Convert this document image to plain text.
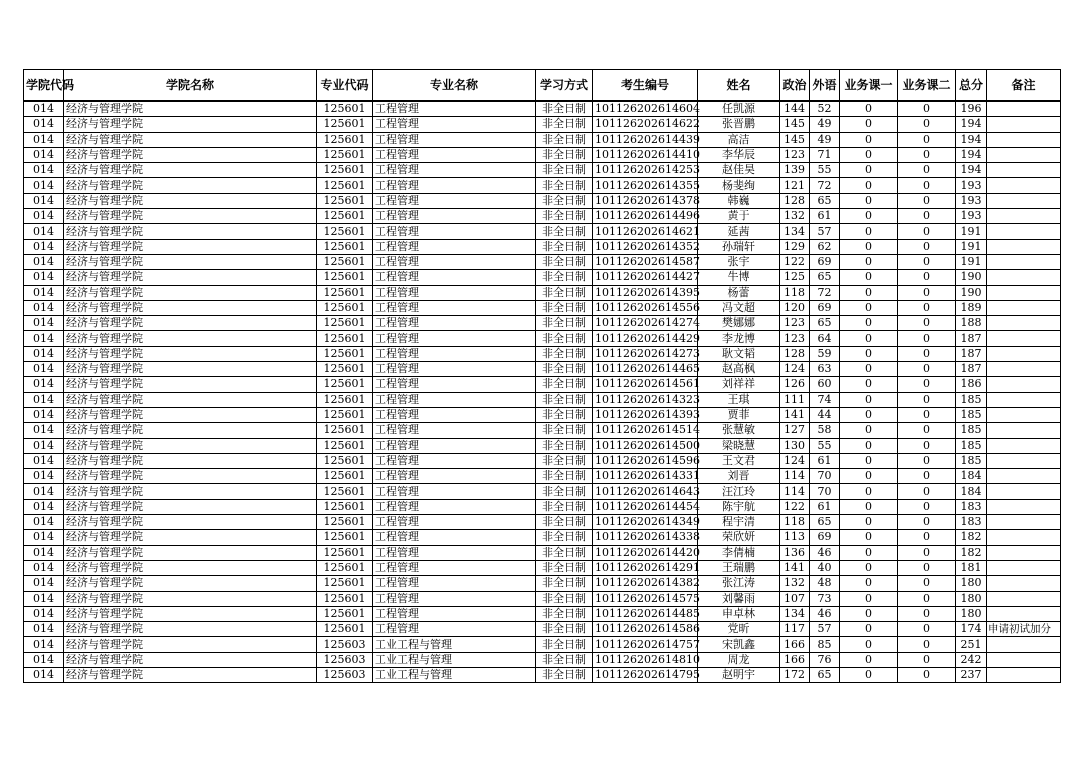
学院代码	学院名称	专业代码	专业名称	学习方式	考生编号	姓名	政治	外语	业务课一	业务课二	总分	备注
014	经济与管理学院	125601	工程管理	非全日制	101126202614604	任凯源	144	52	0	0	196	
014	经济与管理学院	125601	工程管理	非全日制	101126202614622	张晋鹏	145	49	0	0	194	
014	经济与管理学院	125601	工程管理	非全日制	101126202614439	高洁	145	49	0	0	194	
014	经济与管理学院	125601	工程管理	非全日制	101126202614410	李华辰	123	71	0	0	194	
014	经济与管理学院	125601	工程管理	非全日制	101126202614253	赵佳昊	139	55	0	0	194	
014	经济与管理学院	125601	工程管理	非全日制	101126202614355	杨斐绚	121	72	0	0	193	
014	经济与管理学院	125601	工程管理	非全日制	101126202614378	韩巍	128	65	0	0	193	
014	经济与管理学院	125601	工程管理	非全日制	101126202614496	黄于	132	61	0	0	193	
014	经济与管理学院	125601	工程管理	非全日制	101126202614621	延茜	134	57	0	0	191	
014	经济与管理学院	125601	工程管理	非全日制	101126202614352	孙瑞轩	129	62	0	0	191	
014	经济与管理学院	125601	工程管理	非全日制	101126202614587	张宇	122	69	0	0	191	
014	经济与管理学院	125601	工程管理	非全日制	101126202614427	牛博	125	65	0	0	190	
014	经济与管理学院	125601	工程管理	非全日制	101126202614395	杨蕾	118	72	0	0	190	
014	经济与管理学院	125601	工程管理	非全日制	101126202614556	冯文超	120	69	0	0	189	
014	经济与管理学院	125601	工程管理	非全日制	101126202614274	樊娜娜	123	65	0	0	188	
014	经济与管理学院	125601	工程管理	非全日制	101126202614429	李龙博	123	64	0	0	187	
014	经济与管理学院	125601	工程管理	非全日制	101126202614273	耿文韬	128	59	0	0	187	
014	经济与管理学院	125601	工程管理	非全日制	101126202614465	赵高枫	124	63	0	0	187	
014	经济与管理学院	125601	工程管理	非全日制	101126202614561	刘祥祥	126	60	0	0	186	
014	经济与管理学院	125601	工程管理	非全日制	101126202614323	王琪	111	74	0	0	185	
014	经济与管理学院	125601	工程管理	非全日制	101126202614393	贾菲	141	44	0	0	185	
014	经济与管理学院	125601	工程管理	非全日制	101126202614514	张慧敏	127	58	0	0	185	
014	经济与管理学院	125601	工程管理	非全日制	101126202614500	梁晓慧	130	55	0	0	185	
014	经济与管理学院	125601	工程管理	非全日制	101126202614596	王文君	124	61	0	0	185	
014	经济与管理学院	125601	工程管理	非全日制	101126202614331	刘晋	114	70	0	0	184	
014	经济与管理学院	125601	工程管理	非全日制	101126202614643	汪江玲	114	70	0	0	184	
014	经济与管理学院	125601	工程管理	非全日制	101126202614454	陈宇航	122	61	0	0	183	
014	经济与管理学院	125601	工程管理	非全日制	101126202614349	程宇清	118	65	0	0	183	
014	经济与管理学院	125601	工程管理	非全日制	101126202614338	荣欣妍	113	69	0	0	182	
014	经济与管理学院	125601	工程管理	非全日制	101126202614420	李倩楠	136	46	0	0	182	
014	经济与管理学院	125601	工程管理	非全日制	101126202614291	王瑞鹏	141	40	0	0	181	
014	经济与管理学院	125601	工程管理	非全日制	101126202614382	张江涛	132	48	0	0	180	
014	经济与管理学院	125601	工程管理	非全日制	101126202614575	刘馨雨	107	73	0	0	180	
014	经济与管理学院	125601	工程管理	非全日制	101126202614485	申卓林	134	46	0	0	180	
014	经济与管理学院	125601	工程管理	非全日制	101126202614586	党昕	117	57	0	0	174	申请初试加分
014	经济与管理学院	125603	工业工程与管理	非全日制	101126202614757	宋凯鑫	166	85	0	0	251	
014	经济与管理学院	125603	工业工程与管理	非全日制	101126202614810	周龙	166	76	0	0	242	
014	经济与管理学院	125603	工业工程与管理	非全日制	101126202614795	赵明宇	172	65	0	0	237	
